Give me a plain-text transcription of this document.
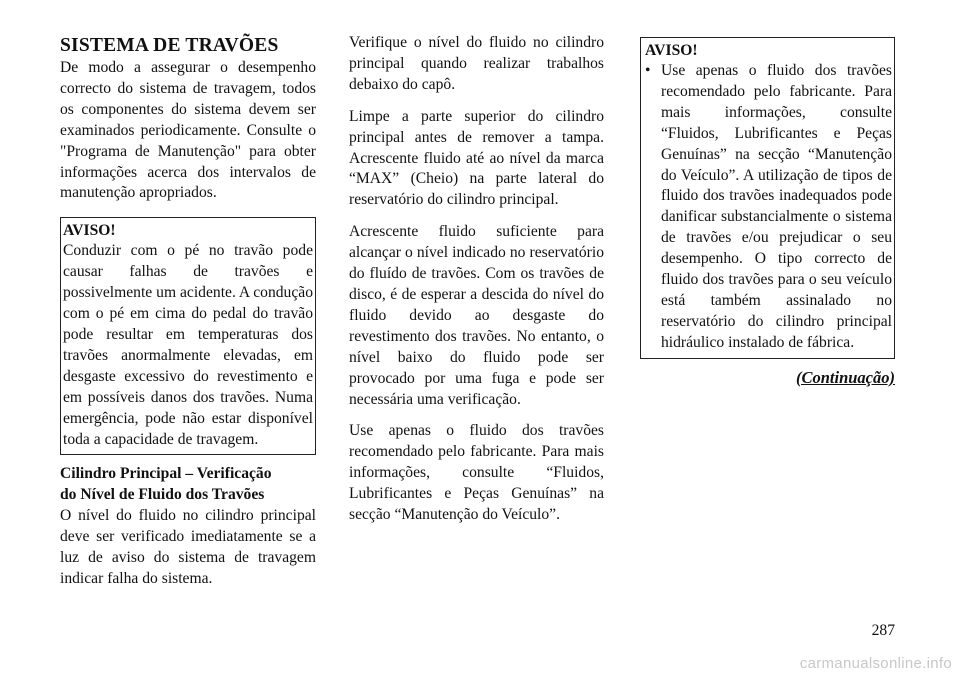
SISTEMA DE TRAVÕES

De modo a assegurar o desempenho correcto do sistema de travagem, todos os componentes do sistema devem ser examinados periodicamente. Consulte o "Programa de Manutenção" para obter informações acerca dos intervalos de manutenção apropriados.

AVISO!

Conduzir com o pé no travão pode causar falhas de travões e possivelmente um acidente. A condução com o pé em cima do pedal do travão pode resultar em temperaturas dos travões anormalmente elevadas, em desgaste excessivo do revestimento e em possíveis danos dos travões. Numa emergência, pode não estar disponível toda a capacidade de travagem.

Cilindro Principal – Verificação
do Nível de Fluido dos Travões

O nível do fluido no cilindro principal deve ser verificado imediatamente se a luz de aviso do sistema de travagem indicar falha do sistema.

Verifique o nível do fluido no cilindro principal quando realizar trabalhos debaixo do capô.

Limpe a parte superior do cilindro principal antes de remover a tampa. Acrescente fluido até ao nível da marca “MAX” (Cheio) na parte lateral do reservatório do cilindro principal.

Acrescente fluido suficiente para alcançar o nível indicado no reservatório do fluído de travões. Com os travões de disco, é de esperar a descida do nível do fluido devido ao desgaste do revestimento dos travões. No entanto, o nível baixo do fluido pode ser provocado por uma fuga e pode ser necessária uma verificação.

Use apenas o fluido dos travões recomendado pelo fabricante. Para mais informações, consulte “Fluidos, Lubrificantes e Peças Genuínas” na secção “Manutenção do Veículo”.

AVISO!
• Use apenas o fluido dos travões recomendado pelo fabricante. Para mais informações, consulte “Fluidos, Lubrificantes e Peças Genuínas” na secção “Manutenção do Veículo”. A utilização de tipos de fluido dos travões inadequados pode danificar substancialmente o sistema de travões e/ou prejudicar o seu desempenho. O tipo correcto de fluido dos travões para o seu veículo está também assinalado no reservatório do cilindro principal hidráulico instalado de fábrica.
(Continuação)
287
carmanualsonline.info
